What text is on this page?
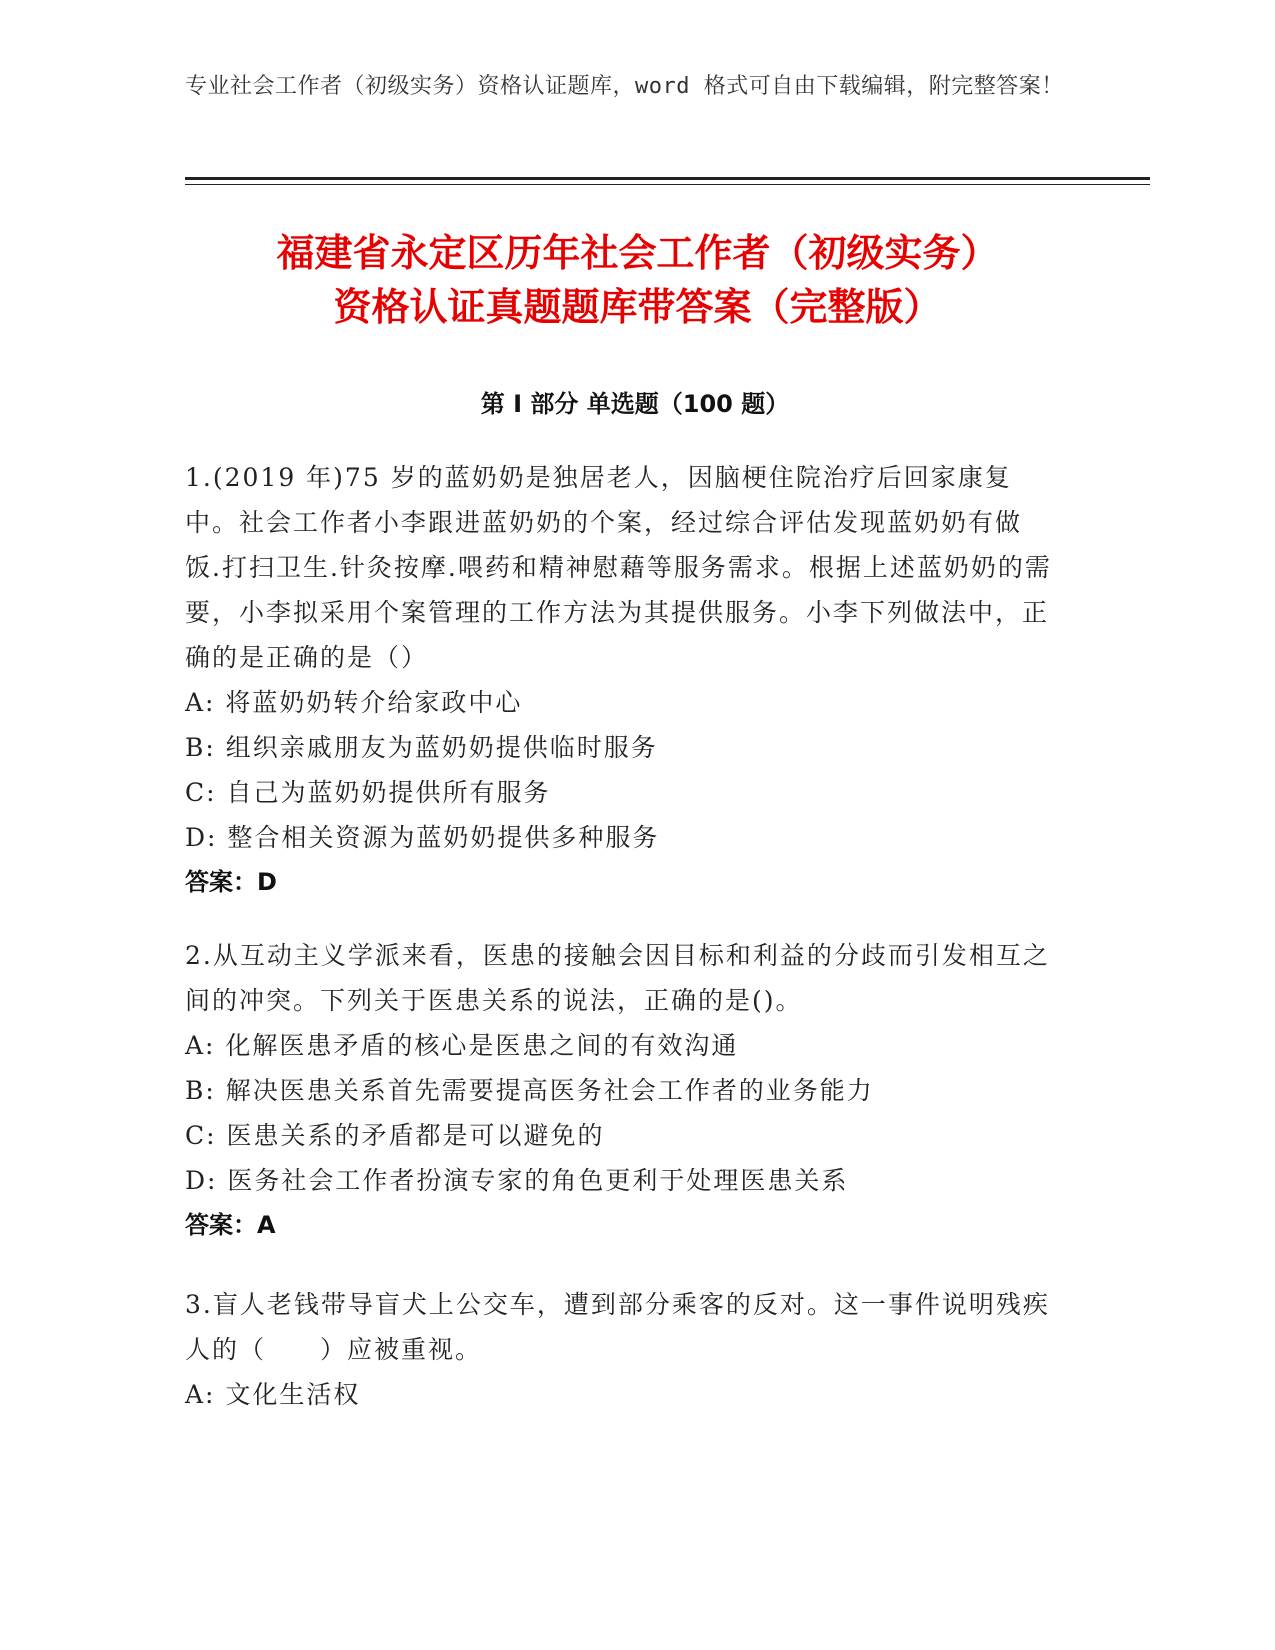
专业社会工作者（初级实务）资格认证题库，word 格式可自由下载编辑，附完整答案！
福建省永定区历年社会工作者（初级实务）
资格认证真题题库带答案（完整版）
第 I 部分 单选题（100 题）

1.(2019 年)75 岁的蓝奶奶是独居老人，因脑梗住院治疗后回家康复中。社会工作者小李跟进蓝奶奶的个案，经过综合评估发现蓝奶奶有做饭.打扫卫生.针灸按摩.喂药和精神慰藉等服务需求。根据上述蓝奶奶的需要，小李拟采用个案管理的工作方法为其提供服务。小李下列做法中，正确的是正确的是（）

A: 将蓝奶奶转介给家政中心

B: 组织亲戚朋友为蓝奶奶提供临时服务

C: 自己为蓝奶奶提供所有服务

D: 整合相关资源为蓝奶奶提供多种服务

答案：D

2.从互动主义学派来看，医患的接触会因目标和利益的分歧而引发相互之间的冲突。下列关于医患关系的说法，正确的是()。

A: 化解医患矛盾的核心是医患之间的有效沟通

B: 解决医患关系首先需要提高医务社会工作者的业务能力

C: 医患关系的矛盾都是可以避免的

D: 医务社会工作者扮演专家的角色更利于处理医患关系

答案：A

3.盲人老钱带导盲犬上公交车，遭到部分乘客的反对。这一事件说明残疾人的（　　）应被重视。

A: 文化生活权
